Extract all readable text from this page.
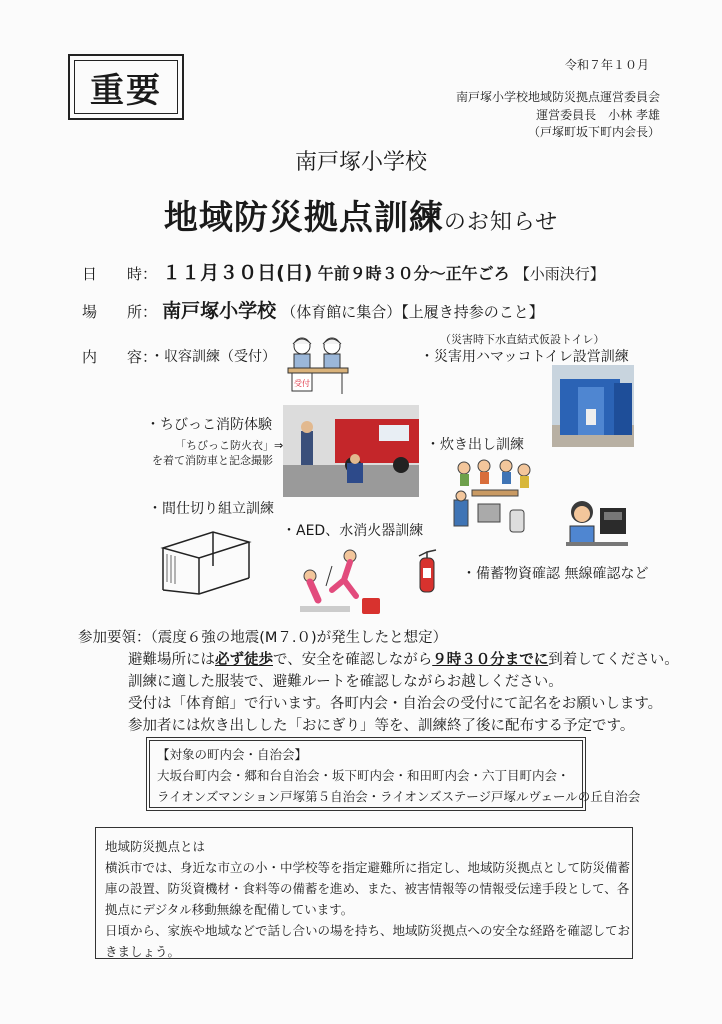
令和７年１０月
南戸塚小学校地域防災拠点運営委員会
運営委員長　小林 孝雄
（戸塚町坂下町内会長）
重要
南戸塚小学校
地域防災拠点訓練のお知らせ
日　　時： １１月３０日(日) 午前９時３０分～正午ごろ 【小雨決行】
場　　所： 南戸塚小学校 （体育館に集合）【上履き持参のこと】
内　　容：
・収容訓練（受付）
（災害時下水直結式仮設トイレ）
・災害用ハマッコトイレ設営訓練
・ちびっこ消防体験
「ちびっこ防火衣」⇒
を着て消防車と記念撮影
・炊き出し訓練
・間仕切り組立訓練
・AED、水消火器訓練
・備蓄物資確認 無線確認など
受付
参加要領：（震度６強の地震(M７.０)が発生したと想定）
避難場所には必ず徒歩で、安全を確認しながら９時３０分までに到着してください。
訓練に適した服装で、避難ルートを確認しながらお越しください。
受付は「体育館」で行います。各町内会・自治会の受付にて記名をお願いします。
参加者には炊き出しした「おにぎり」等を、訓練終了後に配布する予定です。
【対象の町内会・自治会】
大坂台町内会・郷和台自治会・坂下町内会・和田町内会・六丁目町内会・
ライオンズマンション戸塚第５自治会・ライオンズステージ戸塚ルヴェールの丘自治会
地域防災拠点とは
横浜市では、身近な市立の小・中学校等を指定避難所に指定し、地域防災拠点として防災備蓄
庫の設置、防災資機材・食料等の備蓄を進め、また、被害情報等の情報受伝達手段として、各
拠点にデジタル移動無線を配備しています。
日頃から、家族や地域などで話し合いの場を持ち、地域防災拠点への安全な経路を確認してお
きましょう。
